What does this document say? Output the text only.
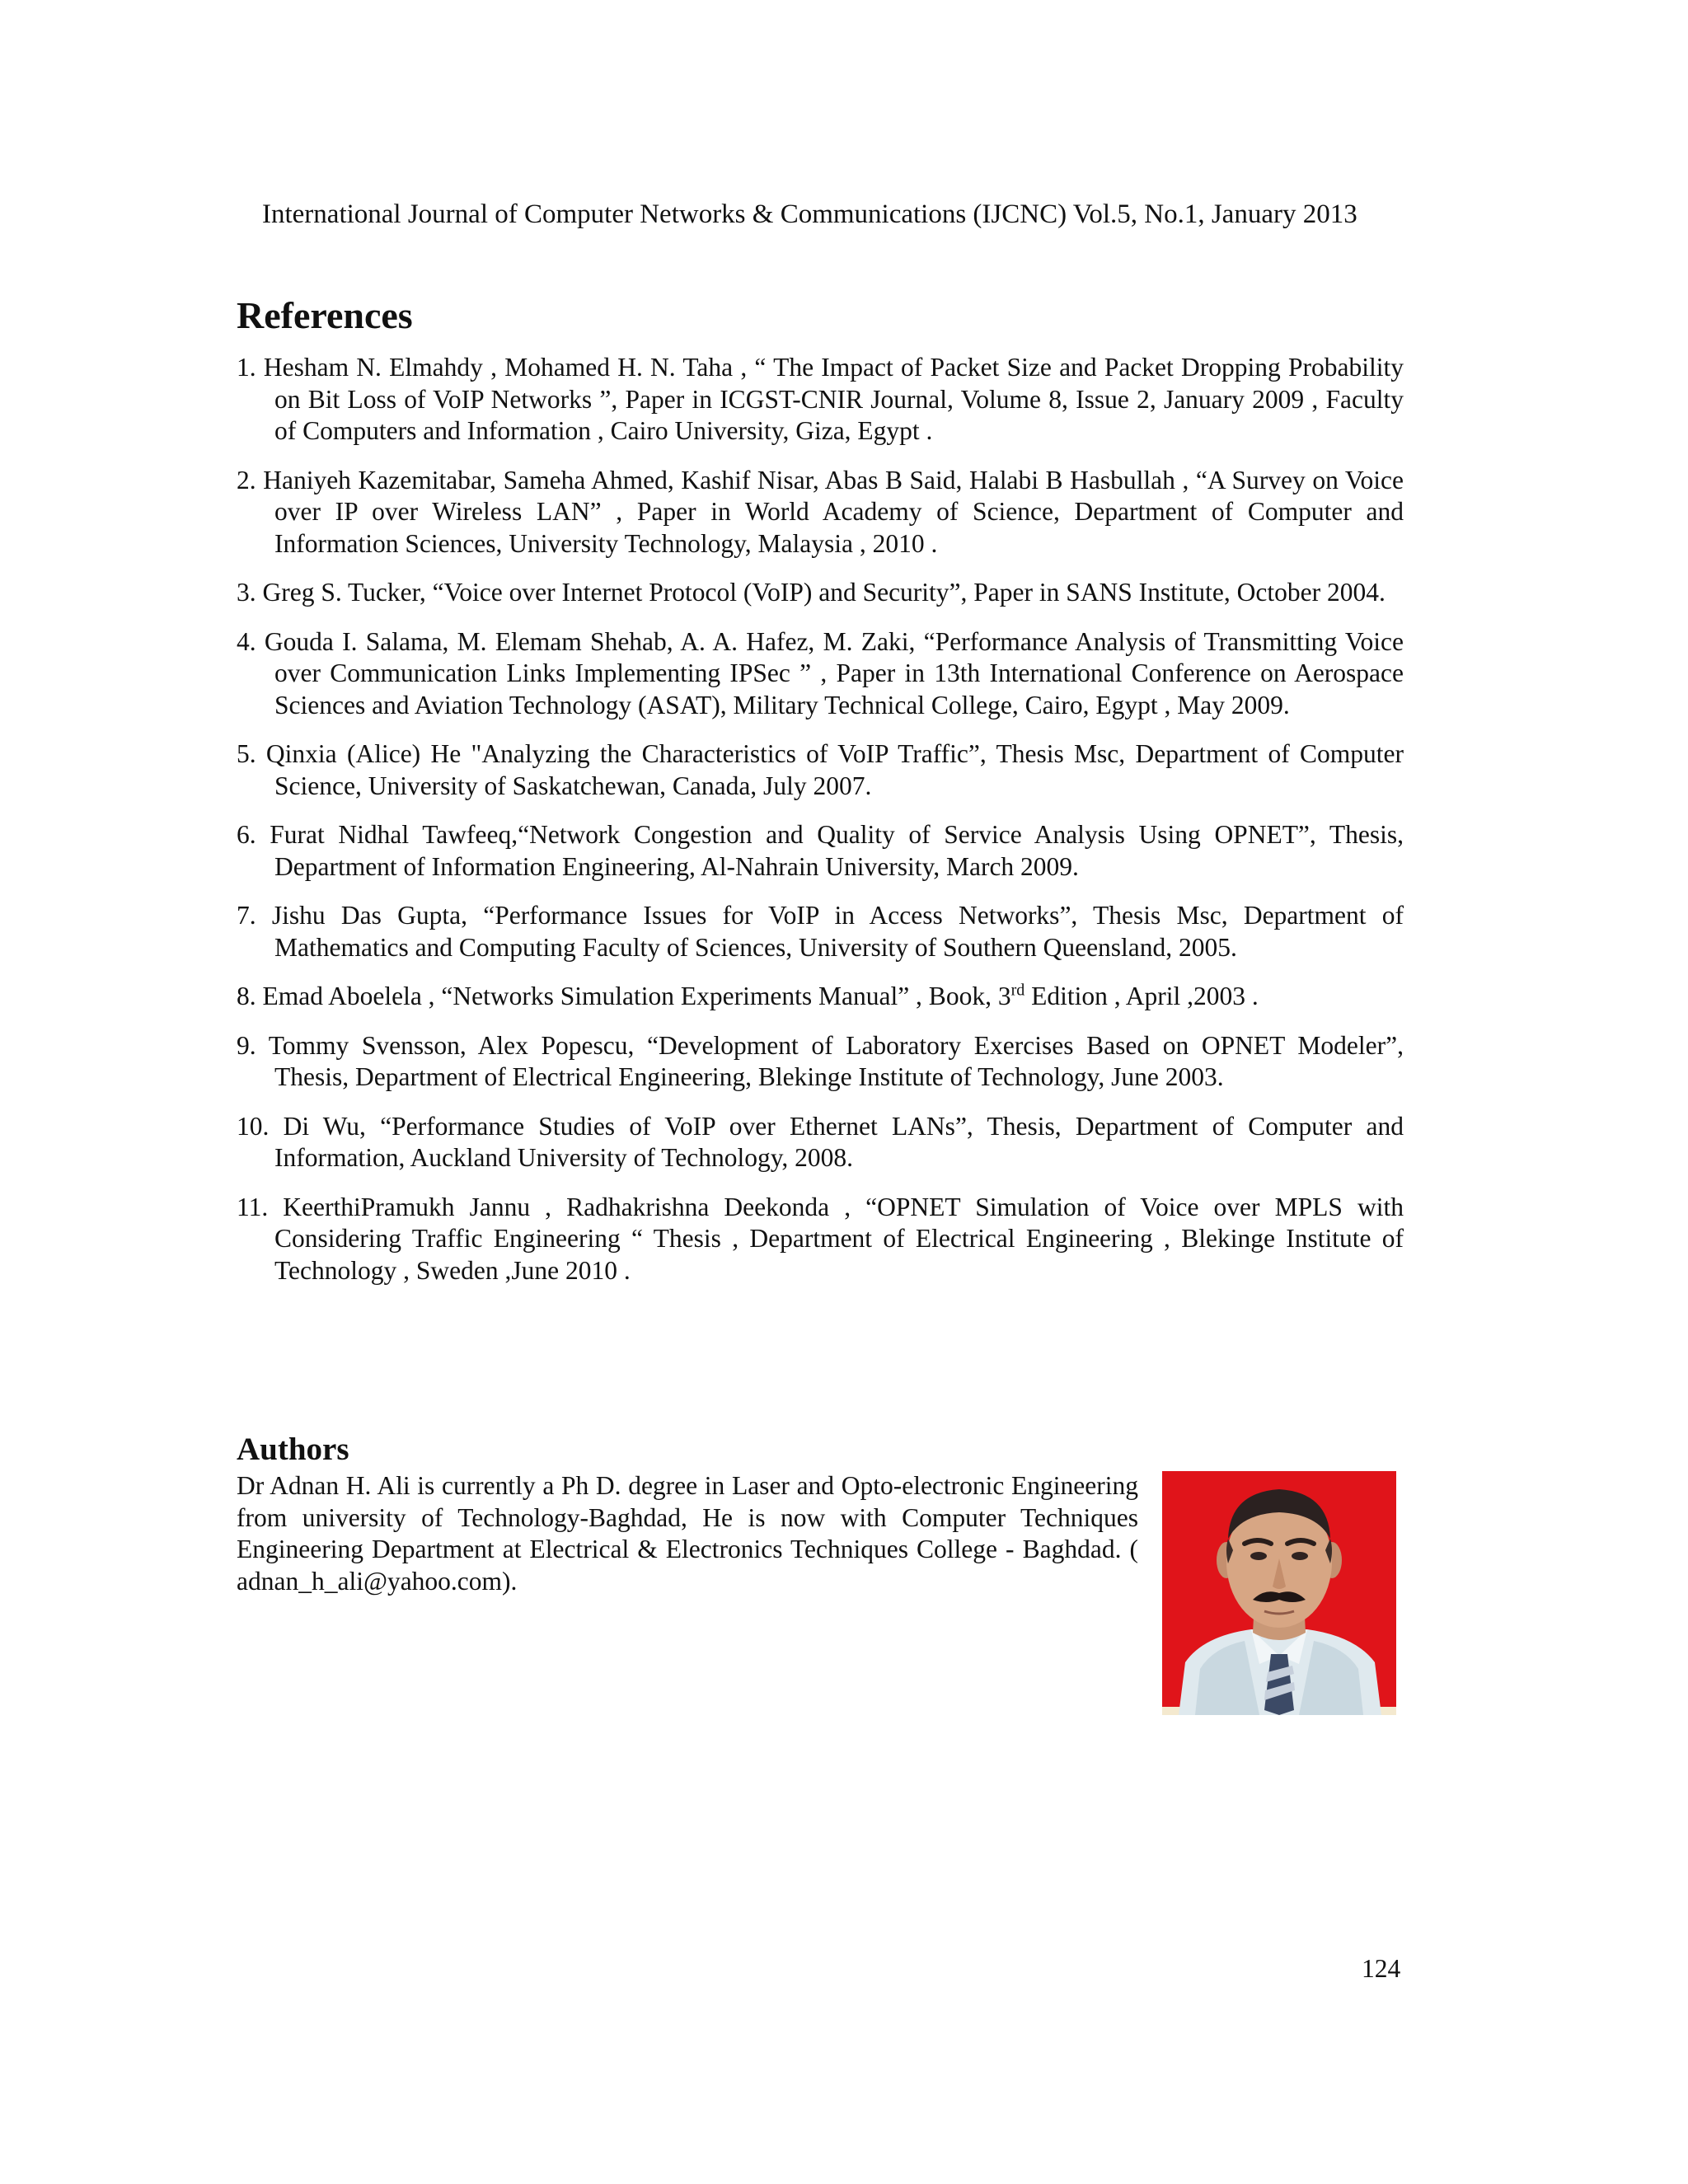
International Journal of Computer Networks & Communications (IJCNC) Vol.5, No.1, January 2013
References
1. Hesham N. Elmahdy , Mohamed H. N. Taha , “ The Impact of Packet Size and Packet Dropping Probability on Bit Loss of VoIP Networks ”, Paper in ICGST-CNIR Journal, Volume 8, Issue 2, January 2009 , Faculty of Computers and Information , Cairo University, Giza, Egypt .
2. Haniyeh Kazemitabar, Sameha Ahmed, Kashif Nisar, Abas B Said, Halabi B Hasbullah , “A Survey on Voice over IP over Wireless LAN” , Paper in World Academy of Science, Department of Computer and Information Sciences, University Technology, Malaysia , 2010 .
3. Greg S. Tucker, “Voice over Internet Protocol (VoIP) and Security”, Paper in SANS Institute, October 2004.
4. Gouda I. Salama, M. Elemam Shehab, A. A. Hafez, M. Zaki, “Performance Analysis of Transmitting Voice over Communication Links Implementing IPSec ” , Paper in 13th International Conference on Aerospace Sciences and Aviation Technology (ASAT), Military Technical College, Cairo, Egypt , May 2009.
5. Qinxia (Alice) He "Analyzing the Characteristics of VoIP Traffic”, Thesis Msc, Department of Computer Science, University of Saskatchewan, Canada, July 2007.
6. Furat Nidhal Tawfeeq,“Network Congestion and Quality of Service Analysis Using OPNET”, Thesis, Department of Information Engineering, Al-Nahrain University, March 2009.
7. Jishu Das Gupta, “Performance Issues for VoIP in Access Networks”, Thesis Msc, Department of Mathematics and Computing Faculty of Sciences, University of Southern Queensland, 2005.
8. Emad Aboelela , “Networks Simulation Experiments Manual” , Book, 3rd Edition , April ,2003 .
9. Tommy Svensson, Alex Popescu, “Development of Laboratory Exercises Based on OPNET Modeler”, Thesis, Department of Electrical Engineering, Blekinge Institute of Technology, June 2003.
10. Di Wu, “Performance Studies of VoIP over Ethernet LANs”, Thesis, Department of Computer and Information, Auckland University of Technology, 2008.
11. KeerthiPramukh Jannu , Radhakrishna Deekonda , “OPNET Simulation of Voice over MPLS with Considering Traffic Engineering “ Thesis , Department of Electrical Engineering , Blekinge Institute of Technology , Sweden ,June 2010 .
Authors
Dr Adnan H. Ali is currently a Ph D. degree in Laser and Opto-electronic Engineering from university of Technology-Baghdad, He is now with Computer Techniques Engineering Department at Electrical & Electronics Techniques College - Baghdad. ( adnan_h_ali@yahoo.com).
124
